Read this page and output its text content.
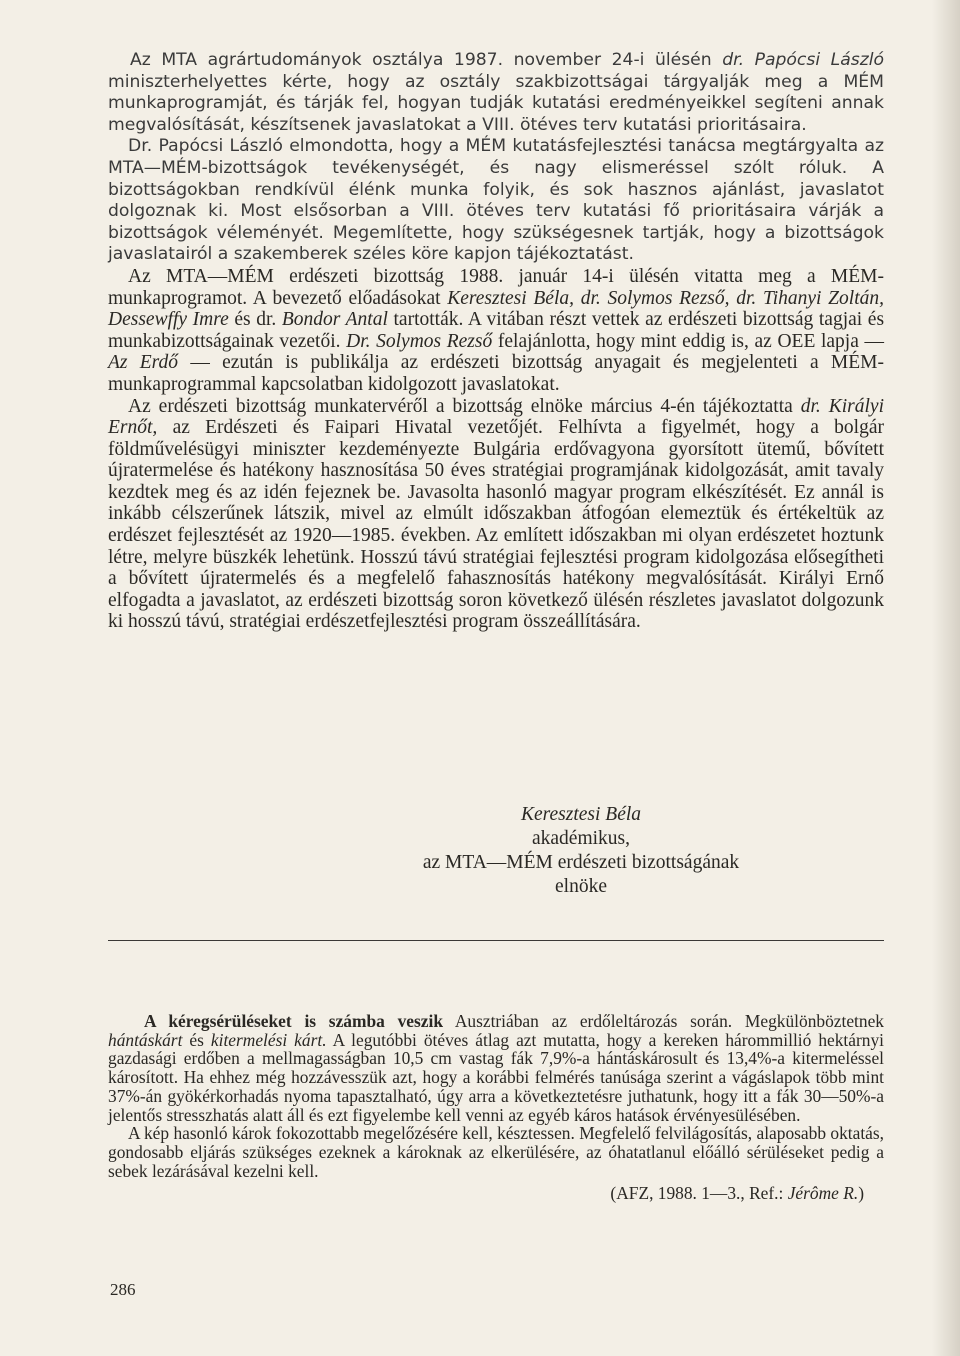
Az MTA agrártudományok osztálya 1987. november 24-i ülésén dr. Papócsi László miniszterhelyettes kérte, hogy az osztály szakbizottságai tárgyalják meg a MÉM munkaprogramját, és tárják fel, hogyan tudják kutatási eredményeikkel segíteni annak megvalósítását, készítsenek javaslatokat a VIII. ötéves terv kutatási prioritásaira.

Dr. Papócsi László elmondotta, hogy a MÉM kutatásfejlesztési tanácsa megtárgyalta az MTA—MÉM-bizottságok tevékenységét, és nagy elismeréssel szólt róluk. A bizottságokban rendkívül élénk munka folyik, és sok hasznos ajánlást, javaslatot dolgoznak ki. Most elsősorban a VIII. ötéves terv kutatási fő prioritásaira várják a bizottságok véleményét. Megemlítette, hogy szükségesnek tartják, hogy a bizottságok javaslatairól a szakemberek széles köre kapjon tájékoztatást.

Az MTA—MÉM erdészeti bizottság 1988. január 14-i ülésén vitatta meg a MÉM-munkaprogramot. A bevezető előadásokat Keresztesi Béla, dr. Solymos Rezső, dr. Tihanyi Zoltán, Dessewffy Imre és dr. Bondor Antal tartották. A vitában részt vettek az erdészeti bizottság tagjai és munkabizottságainak vezetői. Dr. Solymos Rezső felajánlotta, hogy mint eddig is, az OEE lapja — Az Erdő — ezután is publikálja az erdészeti bizottság anyagait és megjelenteti a MÉM-munkaprogrammal kapcsolatban kidolgozott javaslatokat.

Az erdészeti bizottság munkatervéről a bizottság elnöke március 4-én tájékoztatta dr. Királyi Ernőt, az Erdészeti és Faipari Hivatal vezetőjét. Felhívta a figyelmét, hogy a bolgár földművelésügyi miniszter kezdeményezte Bulgária erdővagyona gyorsított ütemű, bővített újratermelése és hatékony hasznosítása 50 éves stratégiai programjának kidolgozását, amit tavaly kezdtek meg és az idén fejeznek be. Javasolta hasonló magyar program elkészítését. Ez annál is inkább célszerűnek látszik, mivel az elmúlt időszakban átfogóan elemeztük és értékeltük az erdészet fejlesztését az 1920—1985. években. Az említett időszakban mi olyan erdészetet hoztunk létre, melyre büszkék lehetünk. Hosszú távú stratégiai fejlesztési program kidolgozása elősegítheti a bővített újratermelés és a megfelelő fahasznosítás hatékony megvalósítását. Királyi Ernő elfogadta a javaslatot, az erdészeti bizottság soron következő ülésén részletes javaslatot dolgozunk ki hosszú távú, stratégiai erdészetfejlesztési program összeállítására.

Keresztesi Béla
akadémikus,
az MTA—MÉM erdészeti bizottságának
elnöke

A kéregsérüléseket is számba veszik Ausztriában az erdőleltározás során. Megkülönböztetnek hántáskárt és kitermelési kárt. A legutóbbi ötéves átlag azt mutatta, hogy a kereken hárommillió hektárnyi gazdasági erdőben a mellmagasságban 10,5 cm vastag fák 7,9%-a hántáskárosult és 13,4%-a kitermeléssel károsított. Ha ehhez még hozzávesszük azt, hogy a korábbi felmérés tanúsága szerint a vágáslapok több mint 37%-án gyökérkorhadás nyoma tapasztalható, úgy arra a következtetésre juthatunk, hogy itt a fák 30—50%-a jelentős stresszhatás alatt áll és ezt figyelembe kell venni az egyéb káros hatások érvényesülésében.

A kép hasonló károk fokozottabb megelőzésére kell, késztessen. Megfelelő felvilágosítás, alaposabb oktatás, gondosabb eljárás szükséges ezeknek a károknak az elkerülésére, az óhatatlanul előálló sérüléseket pedig a sebek lezárásával kezelni kell.

(AFZ, 1988. 1—3., Ref.: Jérôme R.)

286
